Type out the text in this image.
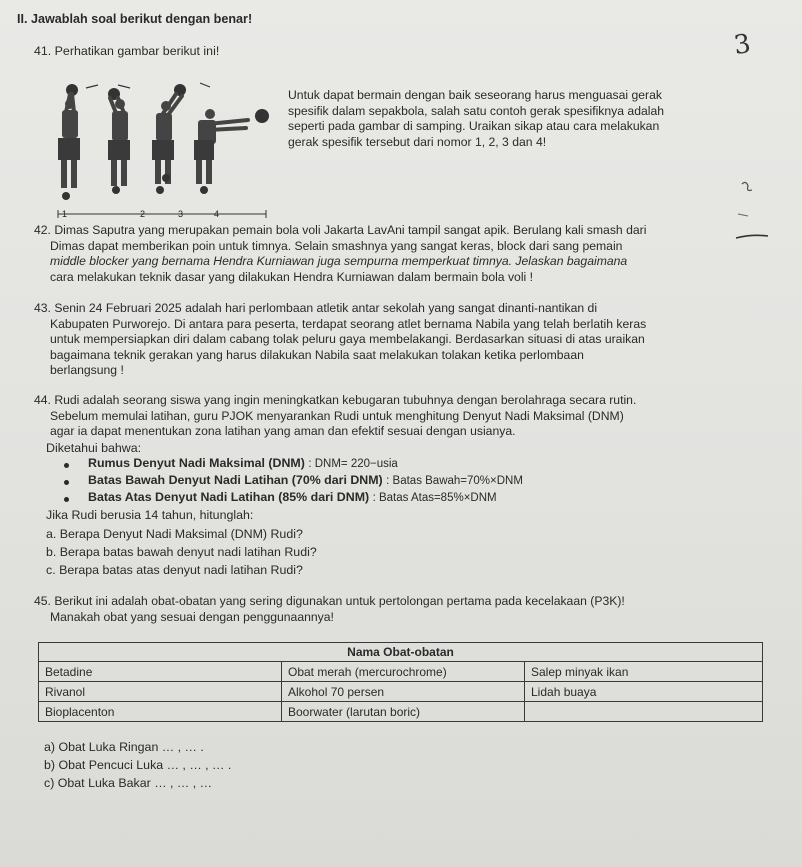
II. Jawablah soal berikut dengan benar!
41. Perhatikan gambar berikut ini!
1	2	3	4

Untuk dapat bermain dengan baik seseorang harus menguasai gerak

spesifik dalam sepakbola, salah satu contoh gerak spesifiknya adalah

seperti pada gambar di samping. Uraikan sikap atau cara melakukan

gerak spesifik tersebut dari nomor 1, 2, 3 dan 4!

42. Dimas Saputra yang merupakan pemain bola voli Jakarta LavAni tampil sangat apik. Berulang kali smash dari

Dimas dapat memberikan poin untuk timnya. Selain smashnya yang sangat keras, block dari sang pemain

middle blocker yang bernama Hendra Kurniawan juga sempurna memperkuat timnya. Jelaskan bagaimana

cara melakukan teknik dasar yang dilakukan Hendra Kurniawan dalam bermain bola voli !

43. Senin 24 Februari 2025 adalah hari perlombaan atletik antar sekolah yang sangat dinanti-nantikan di

Kabupaten Purworejo. Di antara para peserta, terdapat seorang atlet bernama Nabila yang telah berlatih keras

untuk mempersiapkan diri dalam cabang tolak peluru gaya membelakangi. Berdasarkan situasi di atas uraikan

bagaimana teknik gerakan yang harus dilakukan Nabila saat melakukan tolakan ketika perlombaan

berlangsung !

44. Rudi adalah seorang siswa yang ingin meningkatkan kebugaran tubuhnya dengan berolahraga secara rutin.

Sebelum memulai latihan, guru PJOK menyarankan Rudi untuk menghitung Denyut Nadi Maksimal (DNM)

agar ia dapat menentukan zona latihan yang aman dan efektif sesuai dengan usianya.

Diketahui bahwa:
Rumus Denyut Nadi Maksimal (DNM) : DNM= 220−usia
Batas Bawah Denyut Nadi Latihan (70% dari DNM) : Batas Bawah=70%×DNM
Batas Atas Denyut Nadi Latihan (85% dari DNM) : Batas Atas=85%×DNM
Jika Rudi berusia 14 tahun, hitunglah:
a. Berapa Denyut Nadi Maksimal (DNM) Rudi?
b. Berapa batas bawah denyut nadi latihan Rudi?
c. Berapa batas atas denyut nadi latihan Rudi?

45. Berikut ini adalah obat-obatan yang sering digunakan untuk pertolongan pertama pada kecelakaan (P3K)!

Manakah obat yang sesuai dengan penggunaannya!

Nama Obat-obatan		
Betadine	Obat merah (mercurochrome)	Salep minyak ikan
Rivanol	Alkohol 70 persen	Lidah buaya
Bioplacenton	Boorwater (larutan boric)	
a) Obat Luka Ringan … , … .
b) Obat Pencuci Luka … , … , … .
c) Obat Luka Bakar … , … , …
3
